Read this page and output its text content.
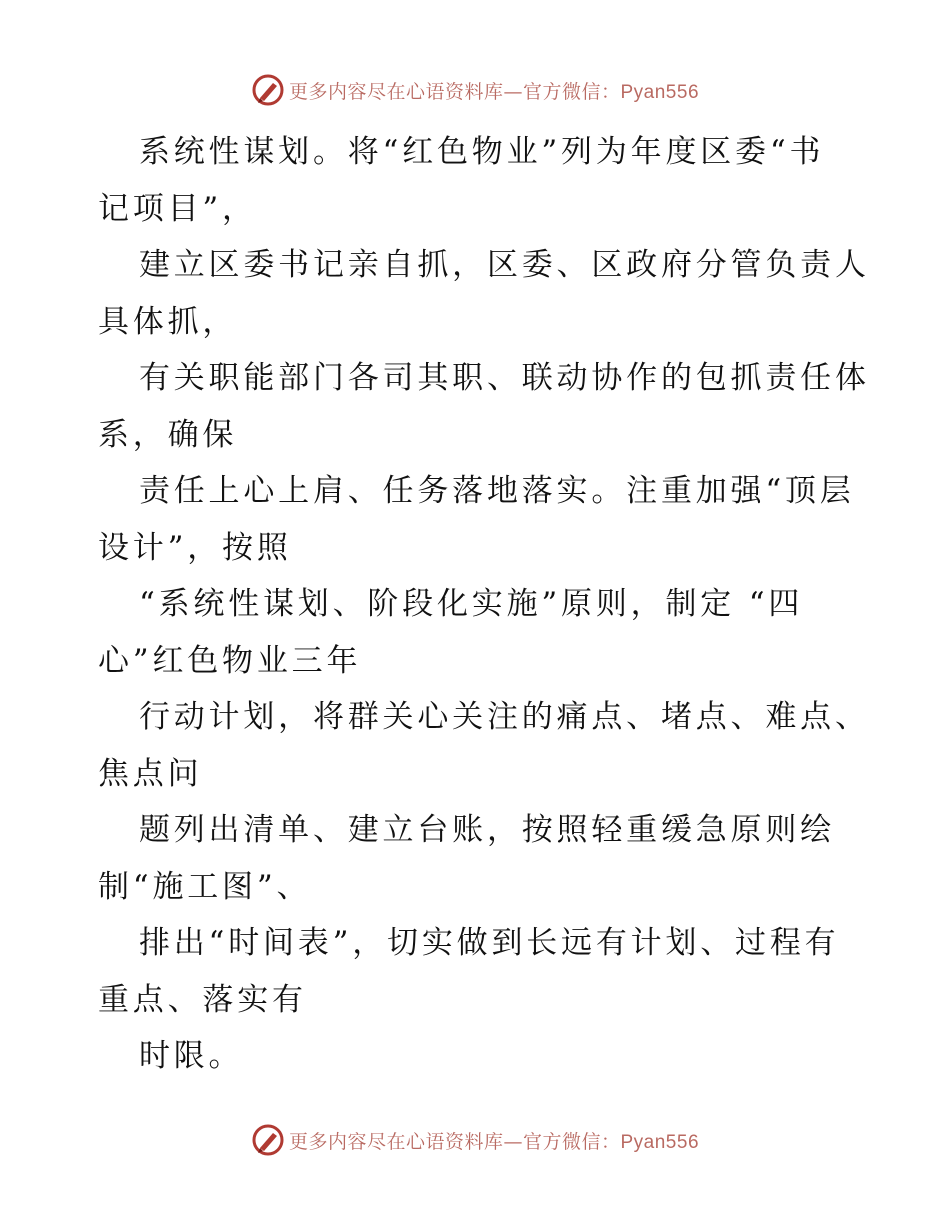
更多内容尽在心语资料库—官方微信：Pyan556

系统性谋划。将“红色物业”列为年度区委“书

记项目”，

建立区委书记亲自抓，区委、区政府分管负责人

具体抓，

有关职能部门各司其职、联动协作的包抓责任体

系，确保

责任上心上肩、任务落地落实。注重加强“顶层

设计”，按照

“系统性谋划、阶段化实施”原则，制定 “四

心”红色物业三年

行动计划，将群关心关注的痛点、堵点、难点、

焦点问

题列出清单、建立台账，按照轻重缓急原则绘

制“施工图”、

排出“时间表”，切实做到长远有计划、过程有

重点、落实有

时限。

更多内容尽在心语资料库—官方微信：Pyan556
